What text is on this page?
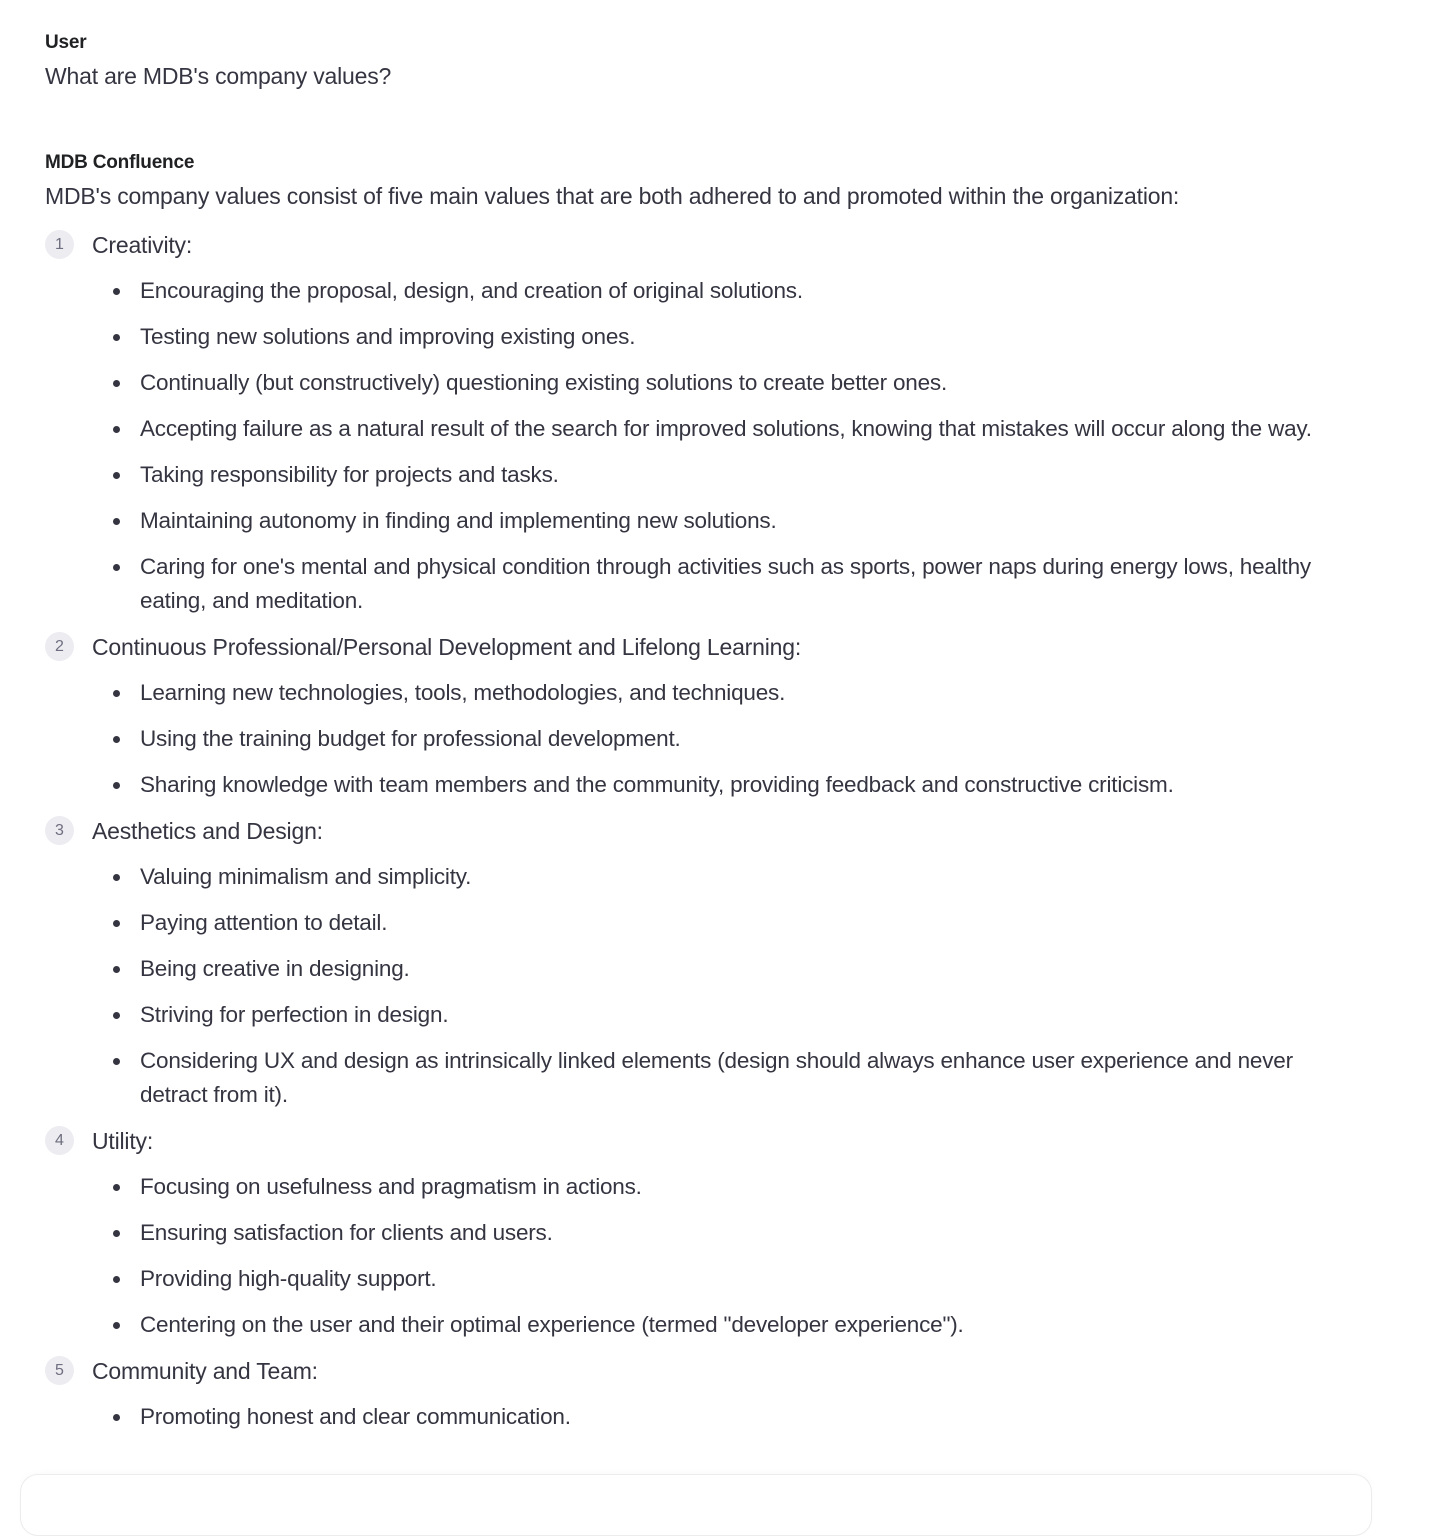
User
What are MDB's company values?
MDB Confluence
MDB's company values consist of five main values that are both adhered to and promoted within the organization:
1	Creativity:
Encouraging the proposal, design, and creation of original solutions.
Testing new solutions and improving existing ones.
Continually (but constructively) questioning existing solutions to create better ones.
Accepting failure as a natural result of the search for improved solutions, knowing that mistakes will occur along the way.
Taking responsibility for projects and tasks.
Maintaining autonomy in finding and implementing new solutions.
Caring for one's mental and physical condition through activities such as sports, power naps during energy lows, healthy eating, and meditation.
2	Continuous Professional/Personal Development and Lifelong Learning:
Learning new technologies, tools, methodologies, and techniques.
Using the training budget for professional development.
Sharing knowledge with team members and the community, providing feedback and constructive criticism.
3	Aesthetics and Design:
Valuing minimalism and simplicity.
Paying attention to detail.
Being creative in designing.
Striving for perfection in design.
Considering UX and design as intrinsically linked elements (design should always enhance user experience and never detract from it).
4	Utility:
Focusing on usefulness and pragmatism in actions.
Ensuring satisfaction for clients and users.
Providing high-quality support.
Centering on the user and their optimal experience (termed "developer experience").
5	Community and Team:
Promoting honest and clear communication.
